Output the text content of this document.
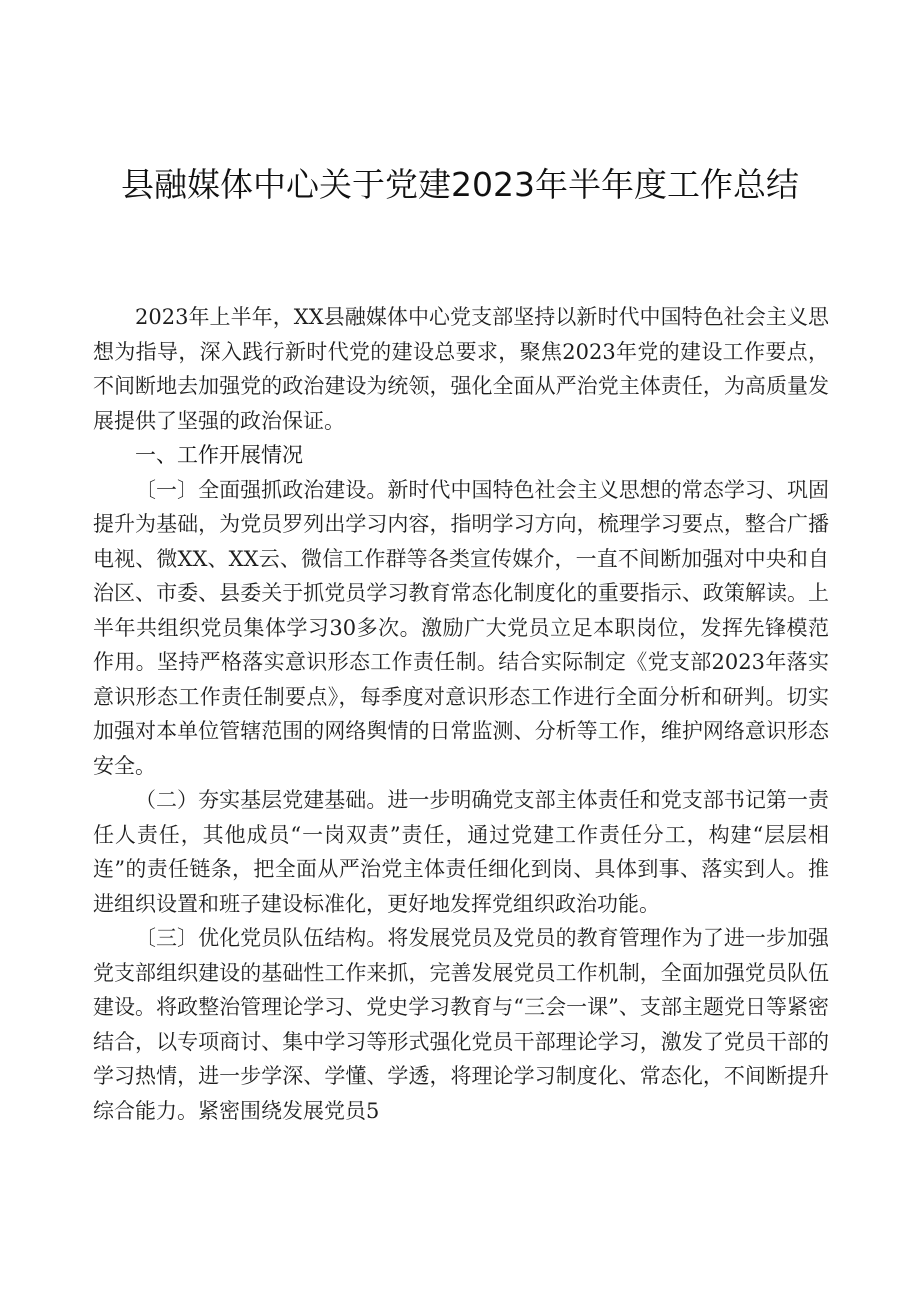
县融媒体中心关于党建2023年半年度工作总结

2023年上半年，XX县融媒体中心党支部坚持以新时代中国特色社会主义思想为指导，深入践行新时代党的建设总要求，聚焦2023年党的建设工作要点，不间断地去加强党的政治建设为统领，强化全面从严治党主体责任，为高质量发展提供了坚强的政治保证。

一、工作开展情况

〔一〕全面强抓政治建设。新时代中国特色社会主义思想的常态学习、巩固提升为基础，为党员罗列出学习内容，指明学习方向，梳理学习要点，整合广播电视、微XX、XX云、微信工作群等各类宣传媒介，一直不间断加强对中央和自治区、市委、县委关于抓党员学习教育常态化制度化的重要指示、政策解读。上半年共组织党员集体学习30多次。激励广大党员立足本职岗位，发挥先锋模范作用。坚持严格落实意识形态工作责任制。结合实际制定《党支部2023年落实意识形态工作责任制要点》，每季度对意识形态工作进行全面分析和研判。切实加强对本单位管辖范围的网络舆情的日常监测、分析等工作，维护网络意识形态安全。

（二）夯实基层党建基础。进一步明确党支部主体责任和党支部书记第一责任人责任，其他成员“一岗双责”责任，通过党建工作责任分工，构建“层层相连”的责任链条，把全面从严治党主体责任细化到岗、具体到事、落实到人。推进组织设置和班子建设标准化，更好地发挥党组织政治功能。

〔三〕优化党员队伍结构。将发展党员及党员的教育管理作为了进一步加强党支部组织建设的基础性工作来抓，完善发展党员工作机制，全面加强党员队伍建设。将政整治管理论学习、党史学习教育与“三会一课”、支部主题党日等紧密结合，以专项商讨、集中学习等形式强化党员干部理论学习，激发了党员干部的学习热情，进一步学深、学懂、学透，将理论学习制度化、常态化，不间断提升综合能力。紧密围绕发展党员5
